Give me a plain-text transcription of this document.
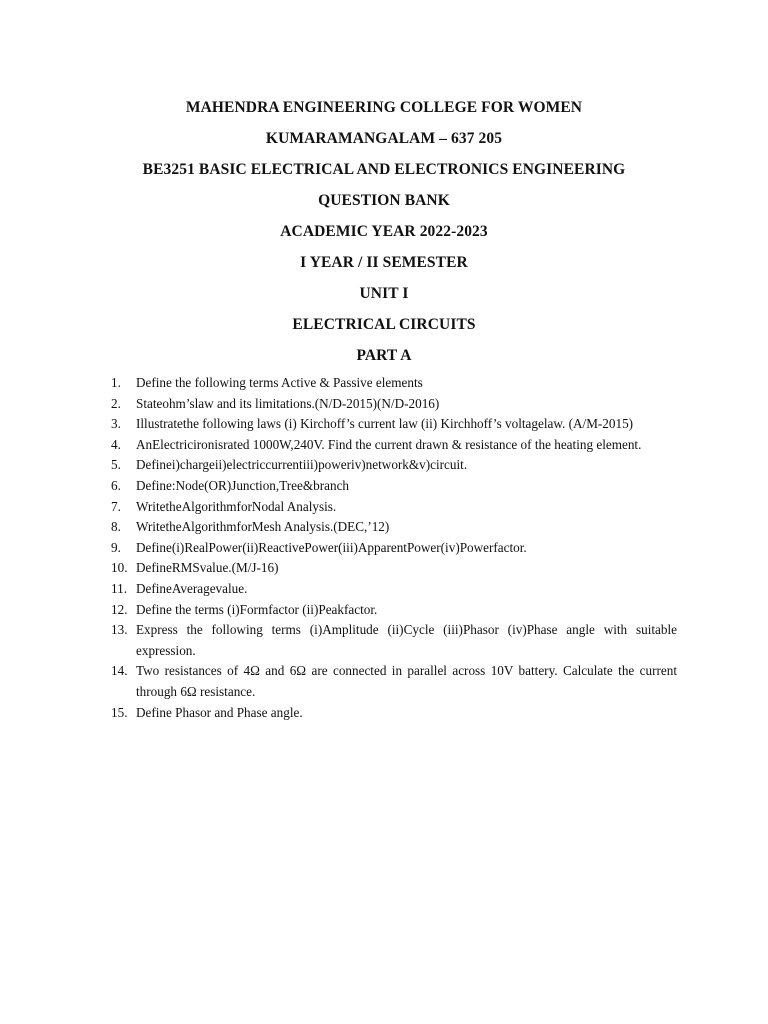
MAHENDRA ENGINEERING COLLEGE FOR WOMEN
KUMARAMANGALAM – 637 205
BE3251 BASIC ELECTRICAL AND ELECTRONICS ENGINEERING
QUESTION BANK
ACADEMIC YEAR 2022-2023
I YEAR / II SEMESTER
UNIT I
ELECTRICAL CIRCUITS
PART A
1.	Define the following terms Active & Passive elements
2.	Stateohm’slaw and its limitations.(N/D-2015)(N/D-2016)
3.	Illustratethe following laws (i) Kirchoff’s current law (ii) Kirchhoff’s voltagelaw. (A/M-2015)
4.	AnElectricironisrated 1000W,240V. Find the current drawn & resistance of the heating element.
5.	Definei)chargeii)electriccurrentiii)poweriv)network&v)circuit.
6.	Define:Node(OR)Junction,Tree&branch
7.	WritetheAlgorithmforNodal Analysis.
8.	WritetheAlgorithmforMesh Analysis.(DEC,’12)
9.	Define(i)RealPower(ii)ReactivePower(iii)ApparentPower(iv)Powerfactor.
10. DefineRMSvalue.(M/J-16)
11. DefineAveragevalue.
12. Define the terms (i)Formfactor (ii)Peakfactor.
13. Express the following terms (i)Amplitude (ii)Cycle (iii)Phasor (iv)Phase angle with suitable expression.
14. Two resistances of 4Ω and 6Ω are connected in parallel across 10V battery. Calculate the current through 6Ω resistance.
15. Define Phasor and Phase angle.
